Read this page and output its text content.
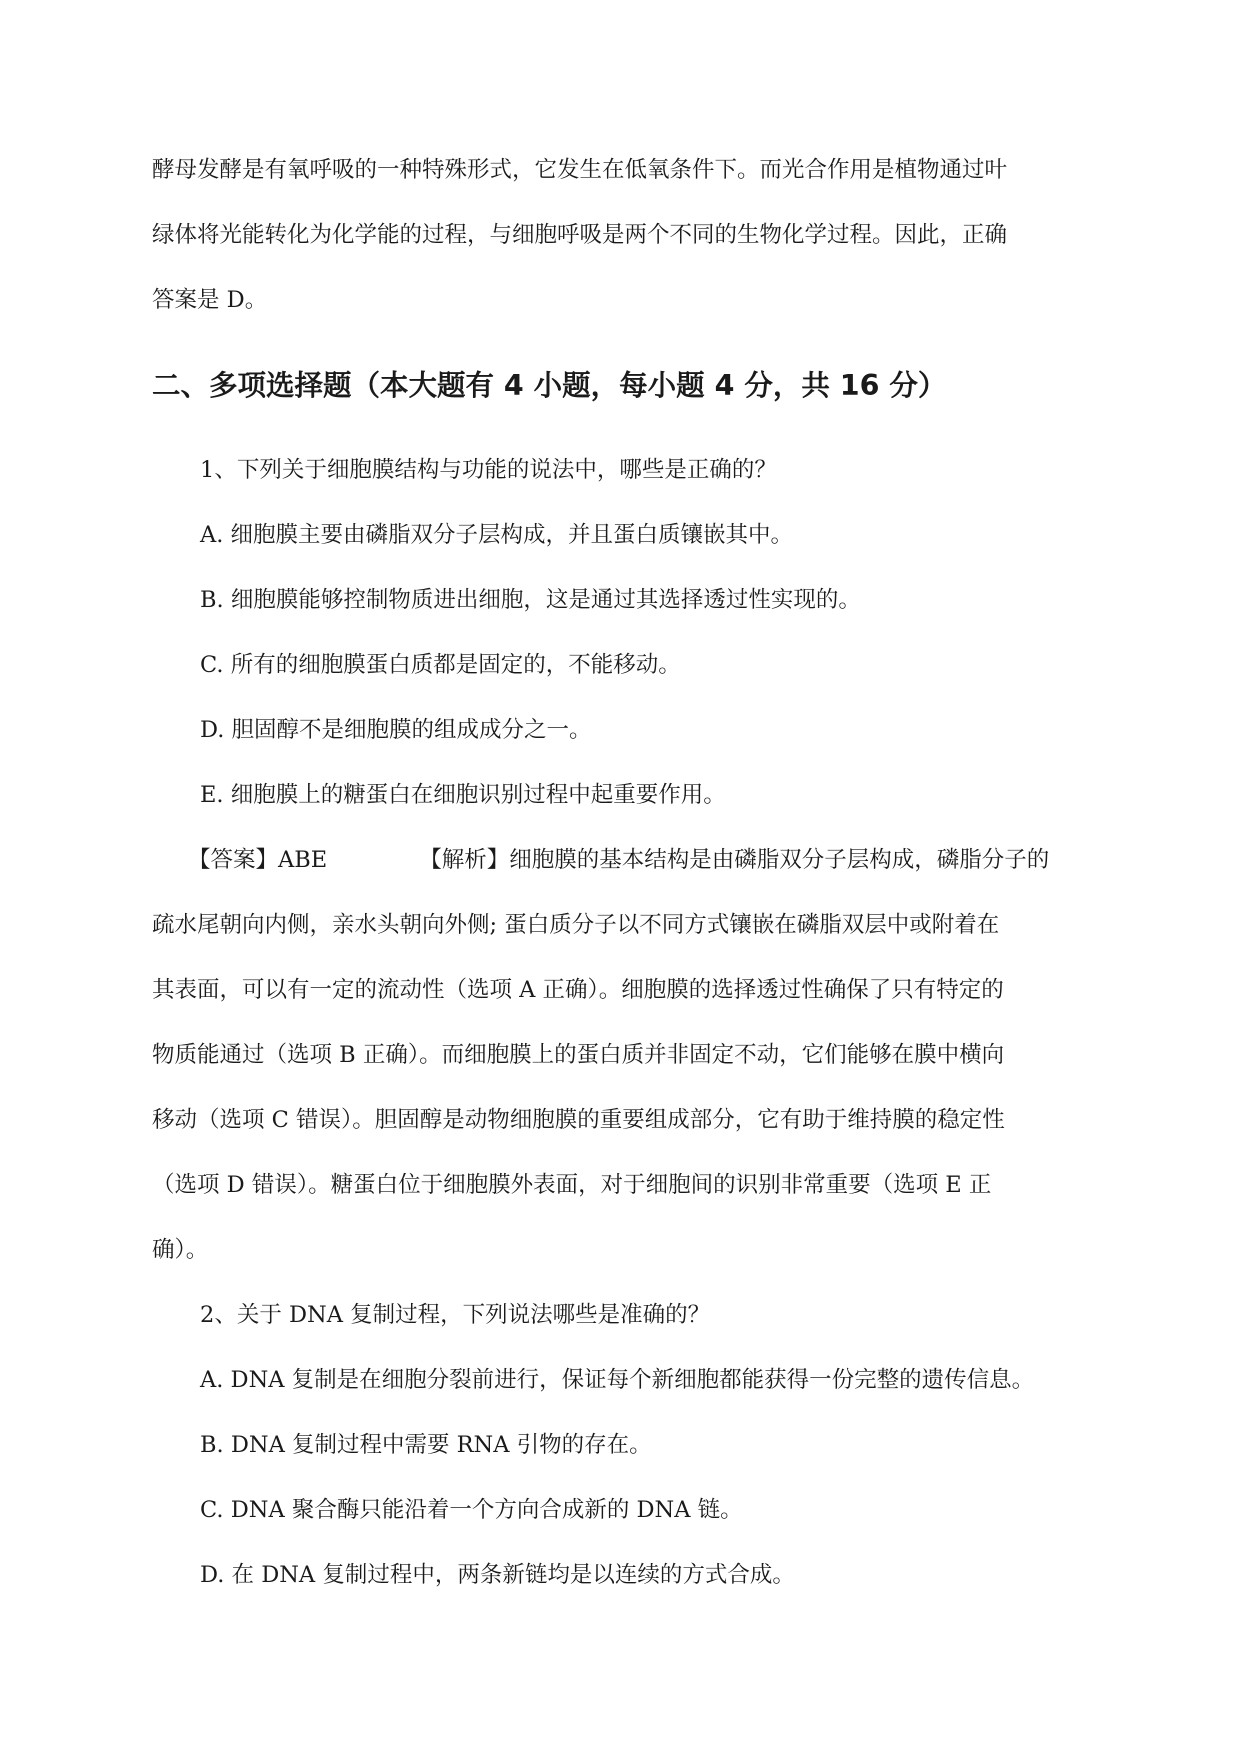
酵母发酵是有氧呼吸的一种特殊形式，它发生在低氧条件下。而光合作用是植物通过叶
绿体将光能转化为化学能的过程，与细胞呼吸是两个不同的生物化学过程。因此，正确
答案是 D。
二、多项选择题（本大题有 4 小题，每小题 4 分，共 16 分）
1、下列关于细胞膜结构与功能的说法中，哪些是正确的？
A. 细胞膜主要由磷脂双分子层构成，并且蛋白质镶嵌其中。
B. 细胞膜能够控制物质进出细胞，这是通过其选择透过性实现的。
C. 所有的细胞膜蛋白质都是固定的，不能移动。
D. 胆固醇不是细胞膜的组成成分之一。
E. 细胞膜上的糖蛋白在细胞识别过程中起重要作用。
【答案】ABE	【解析】细胞膜的基本结构是由磷脂双分子层构成，磷脂分子的
疏水尾朝向内侧，亲水头朝向外侧; 蛋白质分子以不同方式镶嵌在磷脂双层中或附着在
其表面，可以有一定的流动性（选项 A 正确）。细胞膜的选择透过性确保了只有特定的
物质能通过（选项 B 正确）。而细胞膜上的蛋白质并非固定不动，它们能够在膜中横向
移动（选项 C 错误）。胆固醇是动物细胞膜的重要组成部分，它有助于维持膜的稳定性
（选项 D 错误）。糖蛋白位于细胞膜外表面，对于细胞间的识别非常重要（选项 E 正
确）。
2、关于 DNA 复制过程，下列说法哪些是准确的？
A. DNA 复制是在细胞分裂前进行，保证每个新细胞都能获得一份完整的遗传信息。
B. DNA 复制过程中需要 RNA 引物的存在。
C. DNA 聚合酶只能沿着一个方向合成新的 DNA 链。
D. 在 DNA 复制过程中，两条新链均是以连续的方式合成。
